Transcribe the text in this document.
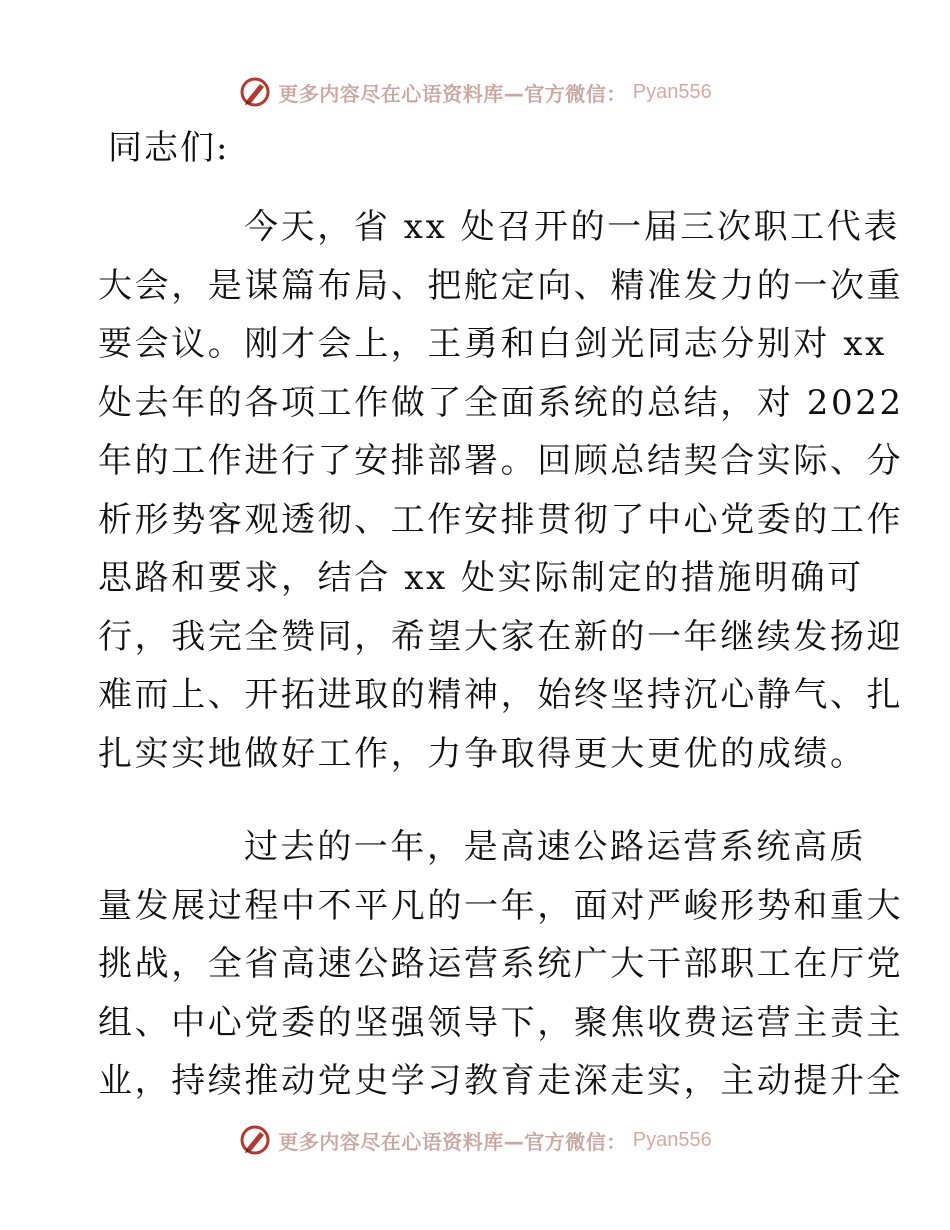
更多内容尽在心语资料库—官方微信： Pyan556
同志们:
今天，省 xx 处召开的一届三次职工代表
大会，是谋篇布局、把舵定向、精准发力的一次重
要会议。刚才会上，王勇和白剑光同志分别对 xx
处去年的各项工作做了全面系统的总结，对 2022
年的工作进行了安排部署。回顾总结契合实际、分
析形势客观透彻、工作安排贯彻了中心党委的工作
思路和要求，结合 xx 处实际制定的措施明确可
行，我完全赞同，希望大家在新的一年继续发扬迎
难而上、开拓进取的精神，始终坚持沉心静气、扎
扎实实地做好工作，力争取得更大更优的成绩。
过去的一年，是高速公路运营系统高质
量发展过程中不平凡的一年，面对严峻形势和重大
挑战，全省高速公路运营系统广大干部职工在厅党
组、中心党委的坚强领导下，聚焦收费运营主责主
业，持续推动党史学习教育走深走实，主动提升全
更多内容尽在心语资料库—官方微信： Pyan556
